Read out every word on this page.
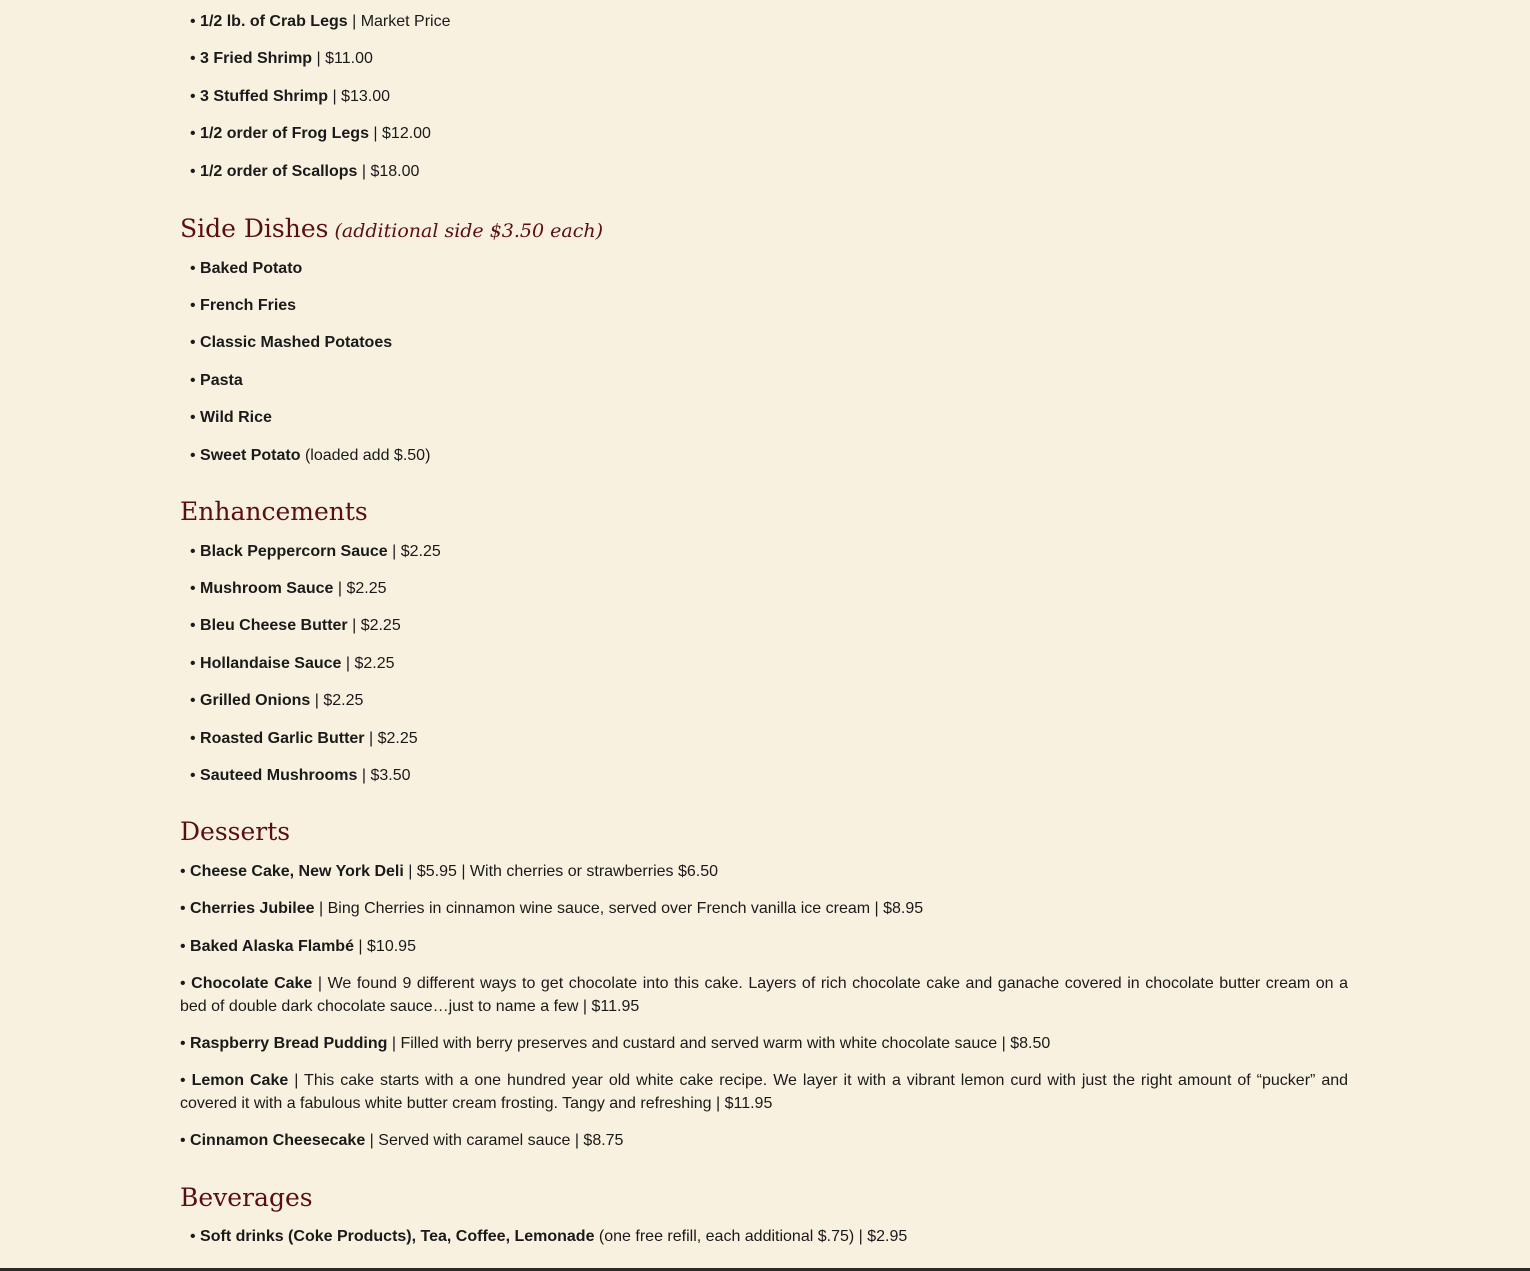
• 1/2 lb. of Crab Legs | Market Price
• 3 Fried Shrimp | $11.00
• 3 Stuffed Shrimp | $13.00
• 1/2 order of Frog Legs | $12.00
• 1/2 order of Scallops | $18.00
Side Dishes (additional side $3.50 each)
• Baked Potato
• French Fries
• Classic Mashed Potatoes
• Pasta
• Wild Rice
• Sweet Potato (loaded add $.50)
Enhancements
• Black Peppercorn Sauce | $2.25
• Mushroom Sauce | $2.25
• Bleu Cheese Butter | $2.25
• Hollandaise Sauce | $2.25
• Grilled Onions | $2.25
• Roasted Garlic Butter | $2.25
• Sauteed Mushrooms | $3.50
Desserts
• Cheese Cake, New York Deli | $5.95 | With cherries or strawberries $6.50
• Cherries Jubilee | Bing Cherries in cinnamon wine sauce, served over French vanilla ice cream | $8.95
• Baked Alaska Flambé | $10.95
• Chocolate Cake | We found 9 different ways to get chocolate into this cake. Layers of rich chocolate cake and ganache covered in chocolate butter cream on a bed of double dark chocolate sauce…just to name a few | $11.95
• Raspberry Bread Pudding | Filled with berry preserves and custard and served warm with white chocolate sauce | $8.50
• Lemon Cake | This cake starts with a one hundred year old white cake recipe. We layer it with a vibrant lemon curd with just the right amount of “pucker” and covered it with a fabulous white butter cream frosting. Tangy and refreshing | $11.95
• Cinnamon Cheesecake | Served with caramel sauce | $8.75
Beverages
• Soft drinks (Coke Products), Tea, Coffee, Lemonade (one free refill, each additional $.75) | $2.95
